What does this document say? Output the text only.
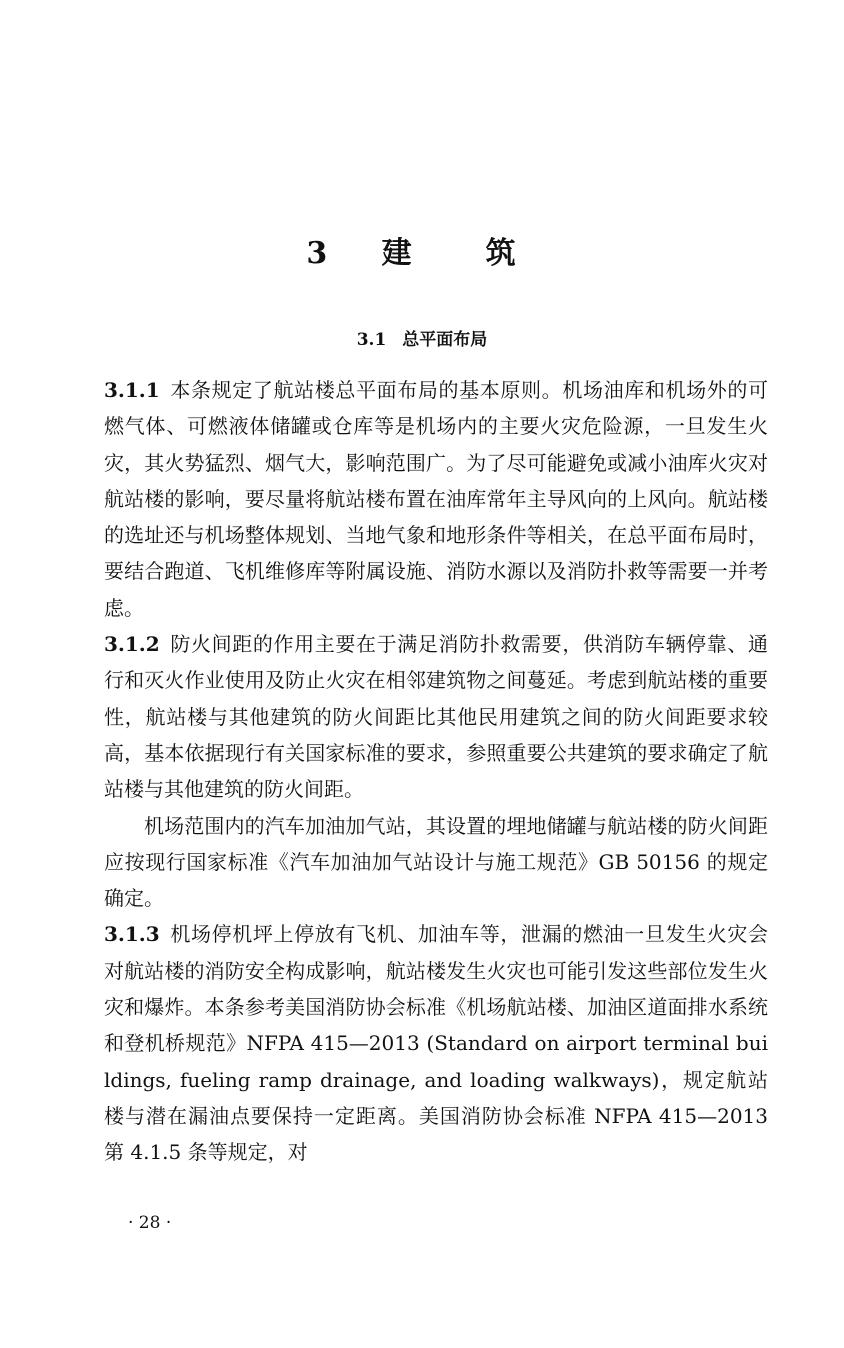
3 建　筑
3.1 总平面布局

3.1.1 本条规定了航站楼总平面布局的基本原则。机场油库和机场外的可燃气体、可燃液体储罐或仓库等是机场内的主要火灾危险源，一旦发生火灾，其火势猛烈、烟气大，影响范围广。为了尽可能避免或减小油库火灾对航站楼的影响，要尽量将航站楼布置在油库常年主导风向的上风向。航站楼的选址还与机场整体规划、当地气象和地形条件等相关，在总平面布局时，要结合跑道、飞机维修库等附属设施、消防水源以及消防扑救等需要一并考虑。

3.1.2 防火间距的作用主要在于满足消防扑救需要，供消防车辆停靠、通行和灭火作业使用及防止火灾在相邻建筑物之间蔓延。考虑到航站楼的重要性，航站楼与其他建筑的防火间距比其他民用建筑之间的防火间距要求较高，基本依据现行有关国家标准的要求，参照重要公共建筑的要求确定了航站楼与其他建筑的防火间距。

机场范围内的汽车加油加气站，其设置的埋地储罐与航站楼的防火间距应按现行国家标准《汽车加油加气站设计与施工规范》GB 50156 的规定确定。

3.1.3 机场停机坪上停放有飞机、加油车等，泄漏的燃油一旦发生火灾会对航站楼的消防安全构成影响，航站楼发生火灾也可能引发这些部位发生火灾和爆炸。本条参考美国消防协会标准《机场航站楼、加油区道面排水系统和登机桥规范》NFPA 415—2013 (Standard on airport terminal buildings, fueling ramp drainage, and loading walkways)，规定航站楼与潜在漏油点要保持一定距离。美国消防协会标准 NFPA 415—2013 第 4.1.5 条等规定，对

· 28 ·
